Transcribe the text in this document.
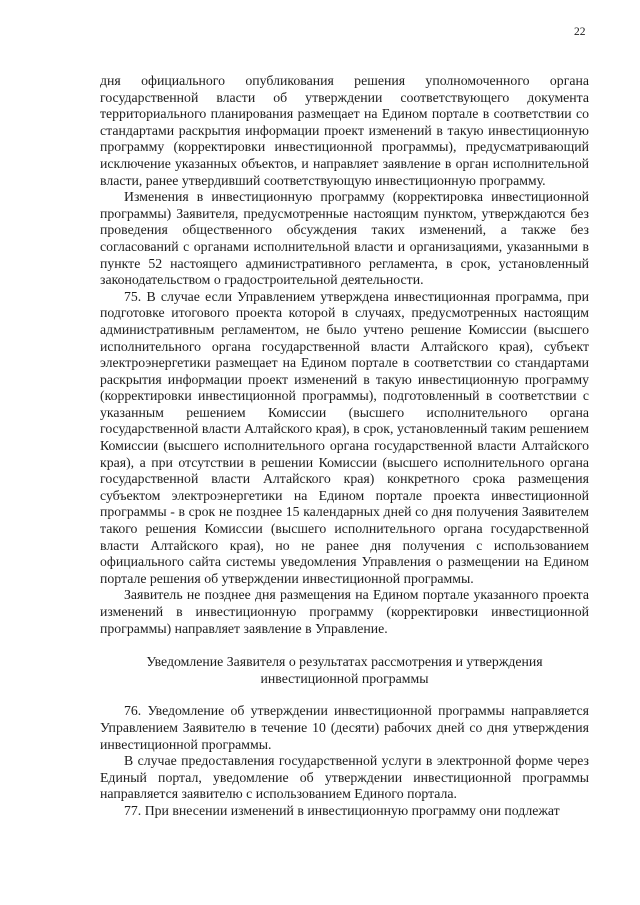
22

дня официального опубликования решения уполномоченного органа государственной власти об утверждении соответствующего документа территориального планирования размещает на Едином портале в соответствии со стандартами раскрытия информации проект изменений в такую инвестиционную программу (корректировки инвестиционной программы), предусматривающий исключение указанных объектов, и направляет заявление в орган исполнительной власти, ранее утвердивший соответствующую инвестиционную программу.

Изменения в инвестиционную программу (корректировка инвестиционной программы) Заявителя, предусмотренные настоящим пунктом, утверждаются без проведения общественного обсуждения таких изменений, а также без согласований с органами исполнительной власти и организациями, указанными в пункте 52 настоящего административного регламента, в срок, установленный законодательством о градостроительной деятельности.

75. В случае если Управлением утверждена инвестиционная программа, при подготовке итогового проекта которой в случаях, предусмотренных настоящим административным регламентом, не было учтено решение Комиссии (высшего исполнительного органа государственной власти Алтайского края), субъект электроэнергетики размещает на Едином портале в соответствии со стандартами раскрытия информации проект изменений в такую инвестиционную программу (корректировки инвестиционной программы), подготовленный в соответствии с указанным решением Комиссии (высшего исполнительного органа государственной власти Алтайского края), в срок, установленный таким решением Комиссии (высшего исполнительного органа государственной власти Алтайского края), а при отсутствии в решении Комиссии (высшего исполнительного органа государственной власти Алтайского края) конкретного срока размещения субъектом электроэнергетики на Едином портале проекта инвестиционной программы - в срок не позднее 15 календарных дней со дня получения Заявителем такого решения Комиссии (высшего исполнительного органа государственной власти Алтайского края), но не ранее дня получения с использованием официального сайта системы уведомления Управления о размещении на Едином портале решения об утверждении инвестиционной программы.

Заявитель не позднее дня размещения на Едином портале указанного проекта изменений в инвестиционную программу (корректировки инвестиционной программы) направляет заявление в Управление.

Уведомление Заявителя о результатах рассмотрения и утверждения инвестиционной программы

76. Уведомление об утверждении инвестиционной программы направляется Управлением Заявителю в течение 10 (десяти) рабочих дней со дня утверждения инвестиционной программы.

В случае предоставления государственной услуги в электронной форме через Единый портал, уведомление об утверждении инвестиционной программы направляется заявителю с использованием Единого портала.

77. При внесении изменений в инвестиционную программу они подлежат
